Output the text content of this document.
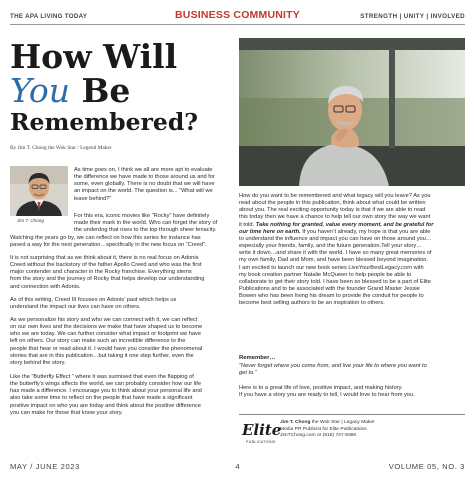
THE APA LIVING TODAY	BUSINESS COMMUNITY	STRENGTH | UNITY | INVOLVED
How Will
You Be
Remembered?
By Jim T. Chong the Wok Star / Legend Maker
Jim T. Chong
As time goes on, I think we all are more apt to evaluate
the difference we have made to those around us and for
some, even globally. There is no doubt that we will have
an impact on the world. The question is... “What will we
leave behind?”
For this era, iconic movies like “Rocky” have definitely
made their mark in the world. Who can forget the story of
the underdog that rises to the top through sheer tenacity.
Watching the years go by, we can reflect on how this series for instance has
paved a way for the next generation…specifically in the new focus on “Creed”.
It is not surprising that as we think about it, there is no real focus on Adonis
Creed without the backstory of the father Apollo Creed and who was the first
major contender and character in the Rocky franchise. Everything stems
from the story and the journey of Rocky that helps develop our understanding
and connection with Adonis.
As of this writing, Creed III focuses on Adonis’ past which helps us
understand the impact our lives can have on others.
As we personalize his story and who we can connect with it, we can reflect
on our own lives and the decisions we make that have shaped us to become
who we are today. We can further consider what impact or footprint we have
left on others. Our story can make such an incredible difference to the
people that hear or read about it. I would have you consider the phenomenal
stories that are in this publication…but taking it one step further, even the
story behind the story.
Like the “Butterfly Effect ” where it was surmised that even the flapping of
the butterfly’s wings affects the world, we can probably consider how our life
has made a difference. I encourage you to think about your personal life and
also take some time to reflect on the people that have made a significant
positive impact on who you are today and think about the positive difference
you can make for those that know your story.
How do you want to be remembered and what legacy will you leave? As you
read about the people in this publication, think about what could be written
about you. The real exciting opportunity today is that if we are able to read
this today then we have a chance to help tell our own story the way we want
it told. Take nothing for granted, value every moment, and be grateful for
our time here on earth. If you haven’t already, my hope is that you are able
to understand the influence and impact you can have on those around you…
especially your friends, family, and the future generation.Tell your story…
write it down…and share it with the world. I have so many great memories of
my own family, Dad and Mom, and have been blessed beyond imagination.
I am excited to launch our new book series LiveYourBestLegacy.com with
my book creation partner Natalie McQueen to help people be able to
collaborate to get their story told. I have been so blessed to be a part of Elite
Publications and to be associated with the founder Grand Master Jessie
Bowen who has been living his dream to provide the conduit for people to
become best selling authors to be an inspiration to others.
Remember…
“Never forget where you come from, and live your life to where you want to
get to.”
Here is to a great life of love, positive impact, and making history.
If you have a story you are ready to tell, I would love to hear from you.
Elite
PUBLICATIONS
Jim T. Chong the Wok Star | Legacy Maker
Media PR Publicist for Elite Publications
JimTChong.com or (916) 747-9366
MAY / JUNE 2023	4	VOLUME 05, NO. 3
